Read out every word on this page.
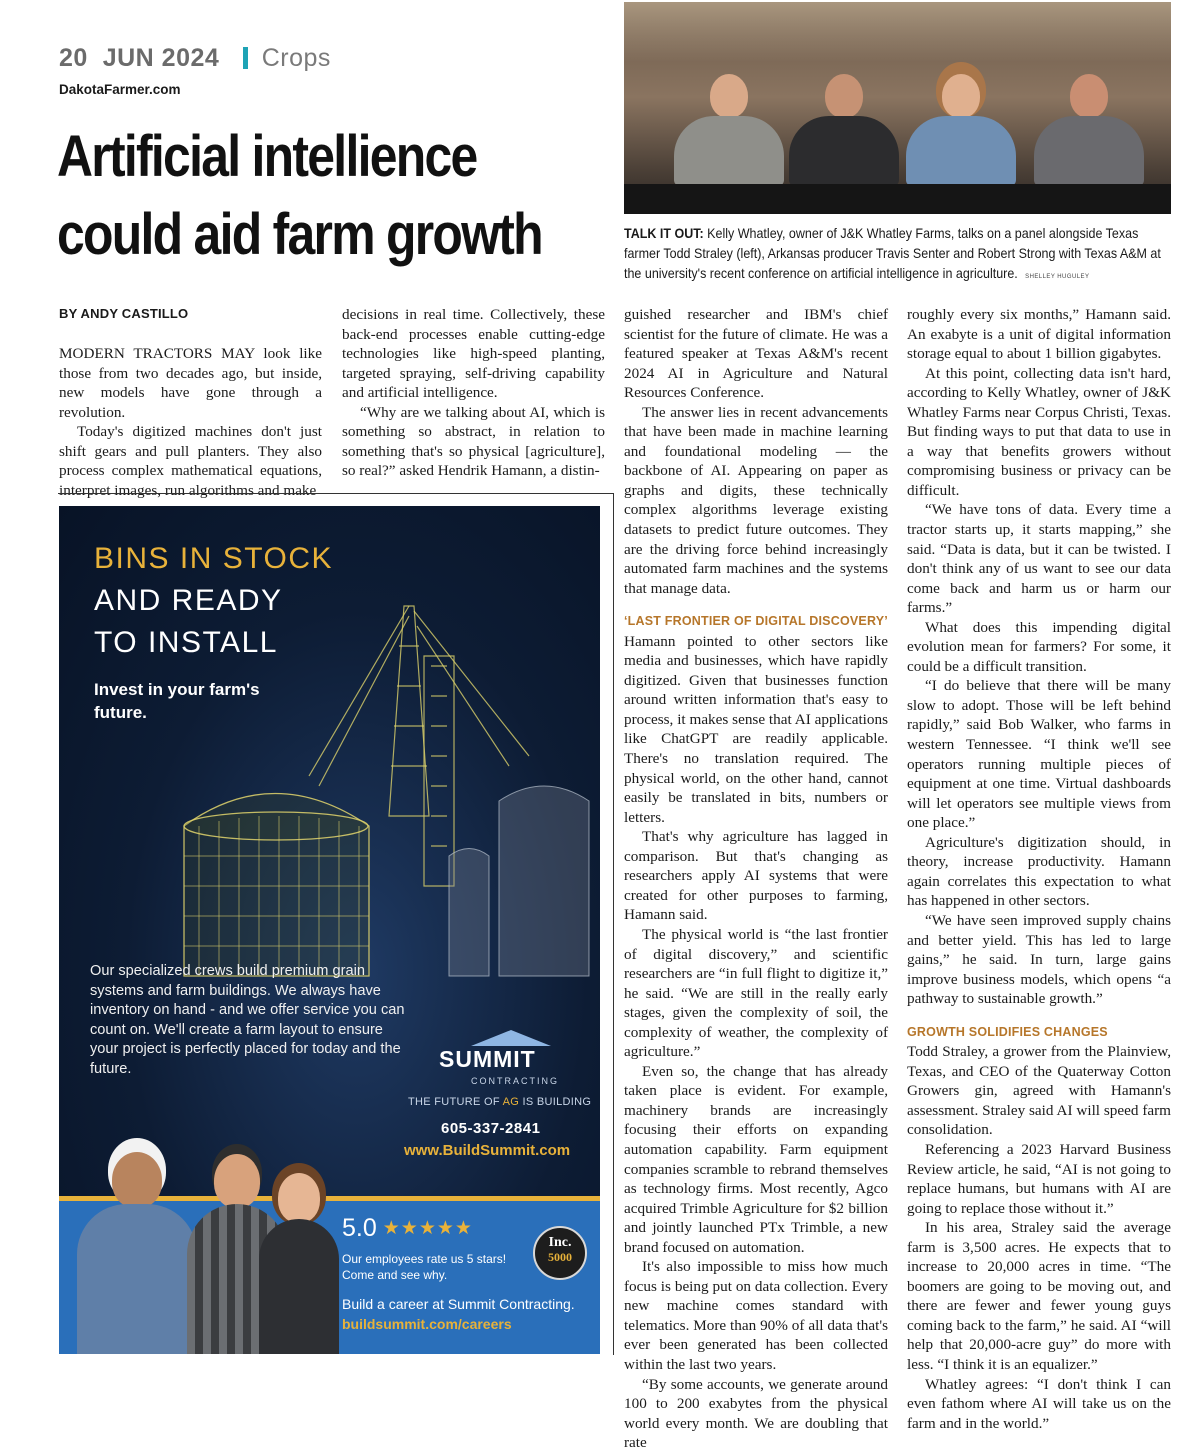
20 JUN 2024 Crops
DakotaFarmer.com
Artificial intellience
could aid farm growth	TALK IT OUT: Kelly Whatley, owner of J&K Whatley Farms, talks on a panel alongside Texas farmer Todd Straley (left), Arkansas producer Travis Senter and Robert Strong with Texas A&M at the university's recent conference on artificial intelligence in agriculture. SHELLEY HUGULEY
BY ANDY CASTILLO

MODERN TRACTORS MAY look like those from two decades ago, but inside, new models have gone through a revolution.

Today's digitized machines don't just shift gears and pull planters. They also process complex mathematical equations, interpret images, run algorithms and make

decisions in real time. Collectively, these back-end processes enable cutting-edge technologies like high-speed planting, targeted spraying, self-driving capability and artificial intelligence.

“Why are we talking about AI, which is something so abstract, in relation to something that's so physical [agriculture], so real?” asked Hendrik Hamann, a distin-

guished researcher and IBM's chief scientist for the future of climate. He was a featured speaker at Texas A&M's recent 2024 AI in Agriculture and Natural Resources Conference.

The answer lies in recent advancements that have been made in machine learning and foundational modeling — the backbone of AI. Appearing on paper as graphs and digits, these technically complex algorithms leverage existing datasets to predict future outcomes. They are the driving force behind increasingly automated farm machines and the systems that manage data.

‘LAST FRONTIER OF DIGITAL DISCOVERY’

Hamann pointed to other sectors like media and businesses, which have rapidly digitized. Given that businesses function around written information that's easy to process, it makes sense that AI applications like ChatGPT are readily applicable. There's no translation required. The physical world, on the other hand, cannot easily be translated in bits, numbers or letters.

That's why agriculture has lagged in comparison. But that's changing as researchers apply AI systems that were created for other purposes to farming, Hamann said.

The physical world is “the last frontier of digital discovery,” and scientific researchers are “in full flight to digitize it,” he said. “We are still in the really early stages, given the complexity of soil, the complexity of weather, the complexity of agriculture.”

Even so, the change that has already taken place is evident. For example, machinery brands are increasingly focusing their efforts on expanding automation capability. Farm equipment companies scramble to rebrand themselves as technology firms. Most recently, Agco acquired Trimble Agriculture for $2 billion and jointly launched PTx Trimble, a new brand focused on automation.

It's also impossible to miss how much focus is being put on data collection. Every new machine comes standard with telematics. More than 90% of all data that's ever been generated has been collected within the last two years.

“By some accounts, we generate around 100 to 200 exabytes from the physical world every month. We are doubling that rate

roughly every six months,” Hamann said. An exabyte is a unit of digital information storage equal to about 1 billion gigabytes.

At this point, collecting data isn't hard, according to Kelly Whatley, owner of J&K Whatley Farms near Corpus Christi, Texas. But finding ways to put that data to use in a way that benefits growers without compromising business or privacy can be difficult.

“We have tons of data. Every time a tractor starts up, it starts mapping,” she said. “Data is data, but it can be twisted. I don't think any of us want to see our data come back and harm us or harm our farms.”

What does this impending digital evolution mean for farmers? For some, it could be a difficult transition.

“I do believe that there will be many slow to adopt. Those will be left behind rapidly,” said Bob Walker, who farms in western Tennessee. “I think we'll see operators running multiple pieces of equipment at one time. Virtual dashboards will let operators see multiple views from one place.”

Agriculture's digitization should, in theory, increase productivity. Hamann again correlates this expectation to what has happened in other sectors.

“We have seen improved supply chains and better yield. This has led to large gains,” he said. In turn, large gains improve business models, which opens “a pathway to sustainable growth.”

GROWTH SOLIDIFIES CHANGES

Todd Straley, a grower from the Plainview, Texas, and CEO of the Quaterway Cotton Growers gin, agreed with Hamann's assessment. Straley said AI will speed farm consolidation.

Referencing a 2023 Harvard Business Review article, he said, “AI is not going to replace humans, but humans with AI are going to replace those without it.”

In his area, Straley said the average farm is 3,500 acres. He expects that to increase to 20,000 acres in time. “The boomers are going to be moving out, and there are fewer and fewer young guys coming back to the farm,” he said. AI “will help that 20,000-acre guy” do more with less. “I think it is an equalizer.”

Whatley agrees: “I don't think I can even fathom where AI will take us on the farm and in the world.”

BINS IN STOCK
AND READY
TO INSTALL
Invest in your farm's future.
Our specialized crews build premium grain systems and farm buildings. We always have inventory on hand - and we offer service you can count on. We'll create a farm layout to ensure your project is perfectly placed for today and the future.	SUMMIT
CONTRACTING
THE FUTURE OF AG IS BUILDING
605-337-2841
www.BuildSummit.com
5.0 ★★★★★
Our employees rate us 5 stars! Come and see why.
Inc.
5000
Build a career at Summit Contracting.
buildsummit.com/careers
